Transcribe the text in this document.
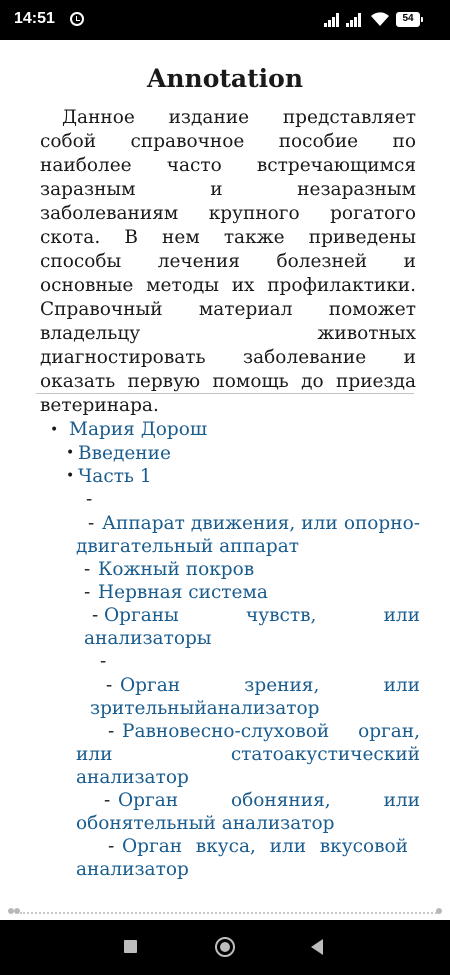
14:51	54
Annotation

Данное издание представляет собой справочное пособие по наиболее часто встречающимся заразным и незаразным заболеваниям крупного рогатого скота. В нем также приведены способы лечения болезней и основные методы их профилактики. Справочный материал поможет владельцу животных диагностировать заболевание и оказать первую помощь до приезда ветеринара.

• Мария Дорош
• Введение
• Часть 1
-
- Аппарат движения, или опорно-двигательный аппарат
- Кожный покров
- Нервная система
- Органы чувств, или анализаторы
-
- Орган зрения, или зрительныйанализатор
- Равновесно-слуховой орган, или статоакустический анализатор
- Орган обоняния, или обонятельный анализатор
- Орган вкуса, или вкусовой анализатор
